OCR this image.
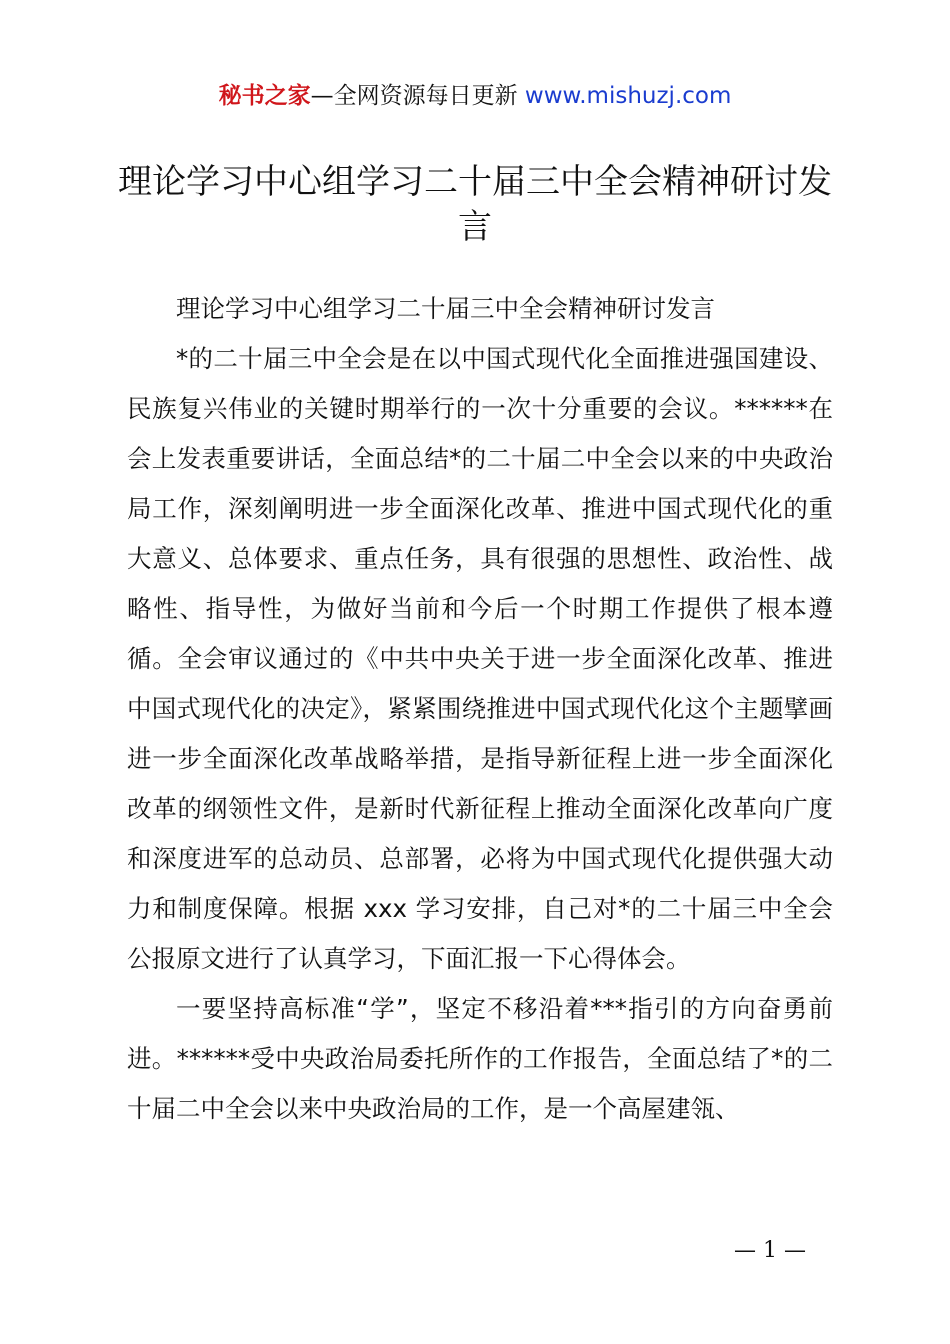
秘书之家—全网资源每日更新 www.mishuzj.com
理论学习中心组学习二十届三中全会精神研讨发言

理论学习中心组学习二十届三中全会精神研讨发言

*的二十届三中全会是在以中国式现代化全面推进强国建设、民族复兴伟业的关键时期举行的一次十分重要的会议。******在会上发表重要讲话，全面总结*的二十届二中全会以来的中央政治局工作，深刻阐明进一步全面深化改革、推进中国式现代化的重大意义、总体要求、重点任务，具有很强的思想性、政治性、战略性、指导性，为做好当前和今后一个时期工作提供了根本遵循。全会审议通过的《中共中央关于进一步全面深化改革、推进中国式现代化的决定》，紧紧围绕推进中国式现代化这个主题擘画进一步全面深化改革战略举措，是指导新征程上进一步全面深化改革的纲领性文件，是新时代新征程上推动全面深化改革向广度和深度进军的总动员、总部署，必将为中国式现代化提供强大动力和制度保障。根据 xxx 学习安排，自己对*的二十届三中全会公报原文进行了认真学习，下面汇报一下心得体会。

一要坚持高标准“学”，坚定不移沿着***指引的方向奋勇前进。******受中央政治局委托所作的工作报告，全面总结了*的二十届二中全会以来中央政治局的工作，是一个高屋建瓴、

— 1 —
